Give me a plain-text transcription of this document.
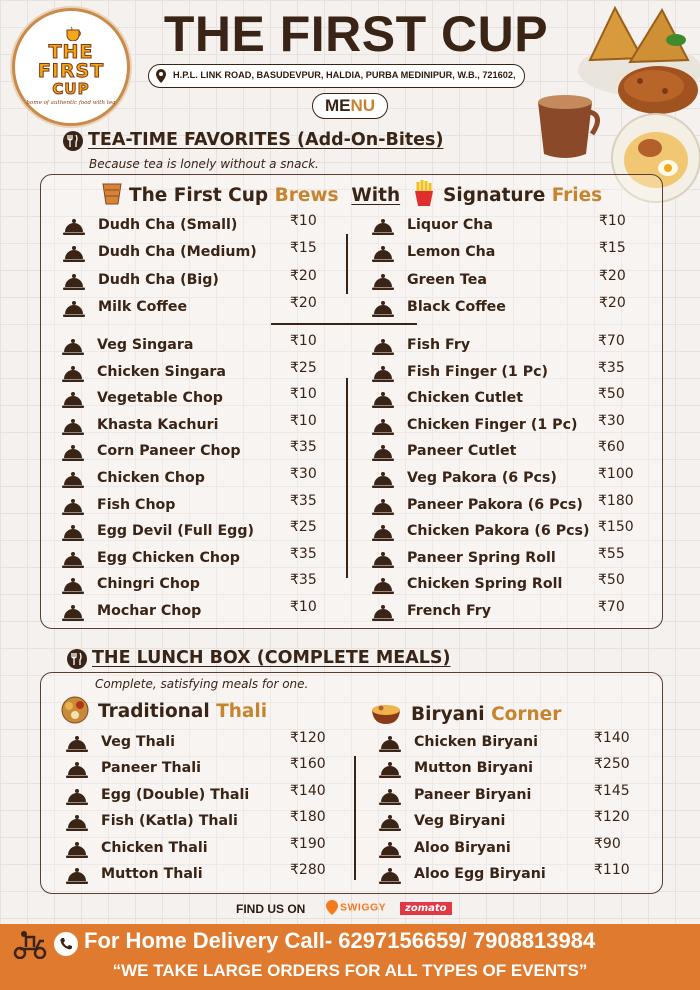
THE
FIRST
CUP
home of authentic food with tea
THE FIRST CUP
H.P.L. LINK ROAD, BASUDEVPUR, HALDIA, PURBA MEDINIPUR, W.B., 721602,
MENU
TEA-TIME FAVORITES (Add-On-Bites)
Because tea is lonely without a snack.
The First Cup Brews With Signature Fries
Dudh Cha (Small)	₹10
Dudh Cha (Medium) ₹15
Dudh Cha (Big)	₹20
Milk Coffee	₹20
Liquor Cha	₹10
Lemon Cha	₹15
Green Tea	₹20
Black Coffee	₹20
Veg Singara	₹10
Chicken Singara	₹25
Vegetable Chop	₹10
Khasta Kachuri	₹10
Corn Paneer Chop	₹35
Chicken Chop	₹30
Fish Chop	₹35
Egg Devil (Full Egg)	₹25
Egg Chicken Chop	₹35
Chingri Chop	₹35
Mochar Chop	₹10
Fish Fry	₹70
Fish Finger (1 Pc)	₹35
Chicken Cutlet	₹50
Chicken Finger (1 Pc) ₹30
Paneer Cutlet	₹60
Veg Pakora (6 Pcs)	₹100
Paneer Pakora (6 Pcs) ₹180
Chicken Pakora (6 Pcs) ₹150
Paneer Spring Roll	₹55
Chicken Spring Roll	₹50
French Fry	₹70
THE LUNCH BOX (COMPLETE MEALS)
Complete, satisfying meals for one.
Traditional Thali	Biryani Corner
Veg Thali	₹120
Paneer Thali	₹160
Egg (Double) Thali	₹140
Fish (Katla) Thali	₹180
Chicken Thali	₹190
Mutton Thali	₹280
Chicken Biryani	₹140
Mutton Biryani	₹250
Paneer Biryani	₹145
Veg Biryani	₹120
Aloo Biryani	₹90
Aloo Egg Biryani	₹110
FIND US ON	SWIGGY	zomato
For Home Delivery Call- 6297156659/ 7908813984
“WE TAKE LARGE ORDERS FOR ALL TYPES OF EVENTS”
